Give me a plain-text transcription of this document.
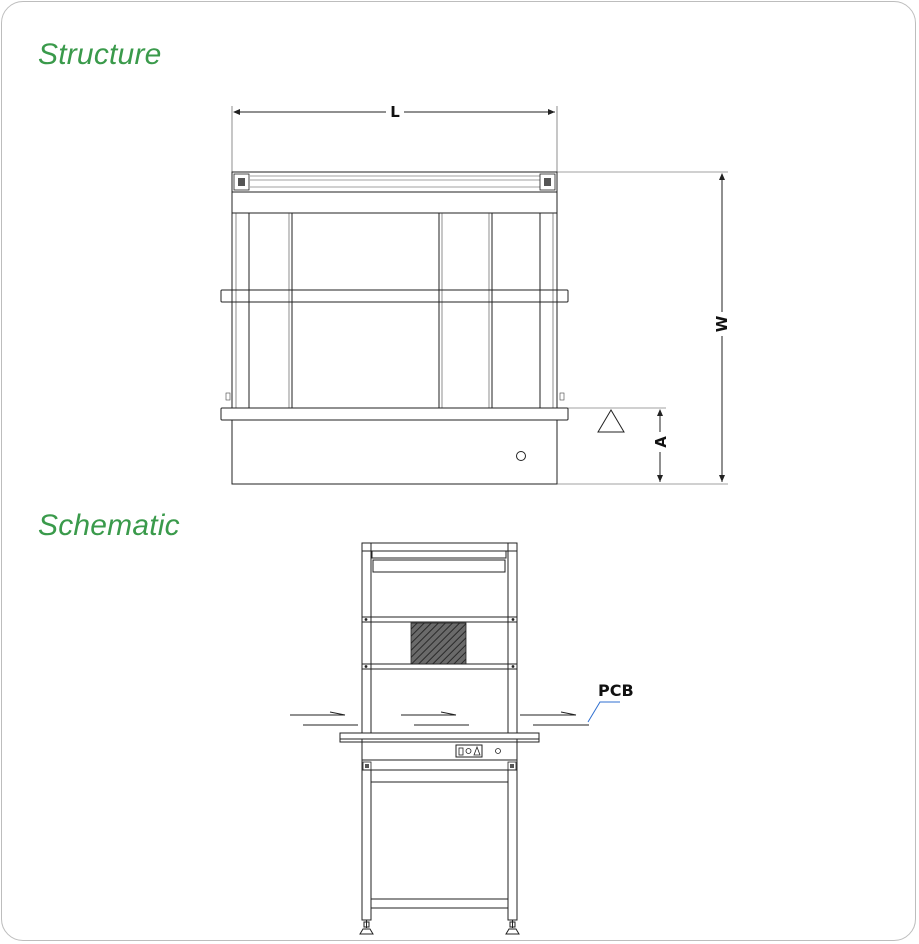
Structure
Schematic
L
W
A
PCB
